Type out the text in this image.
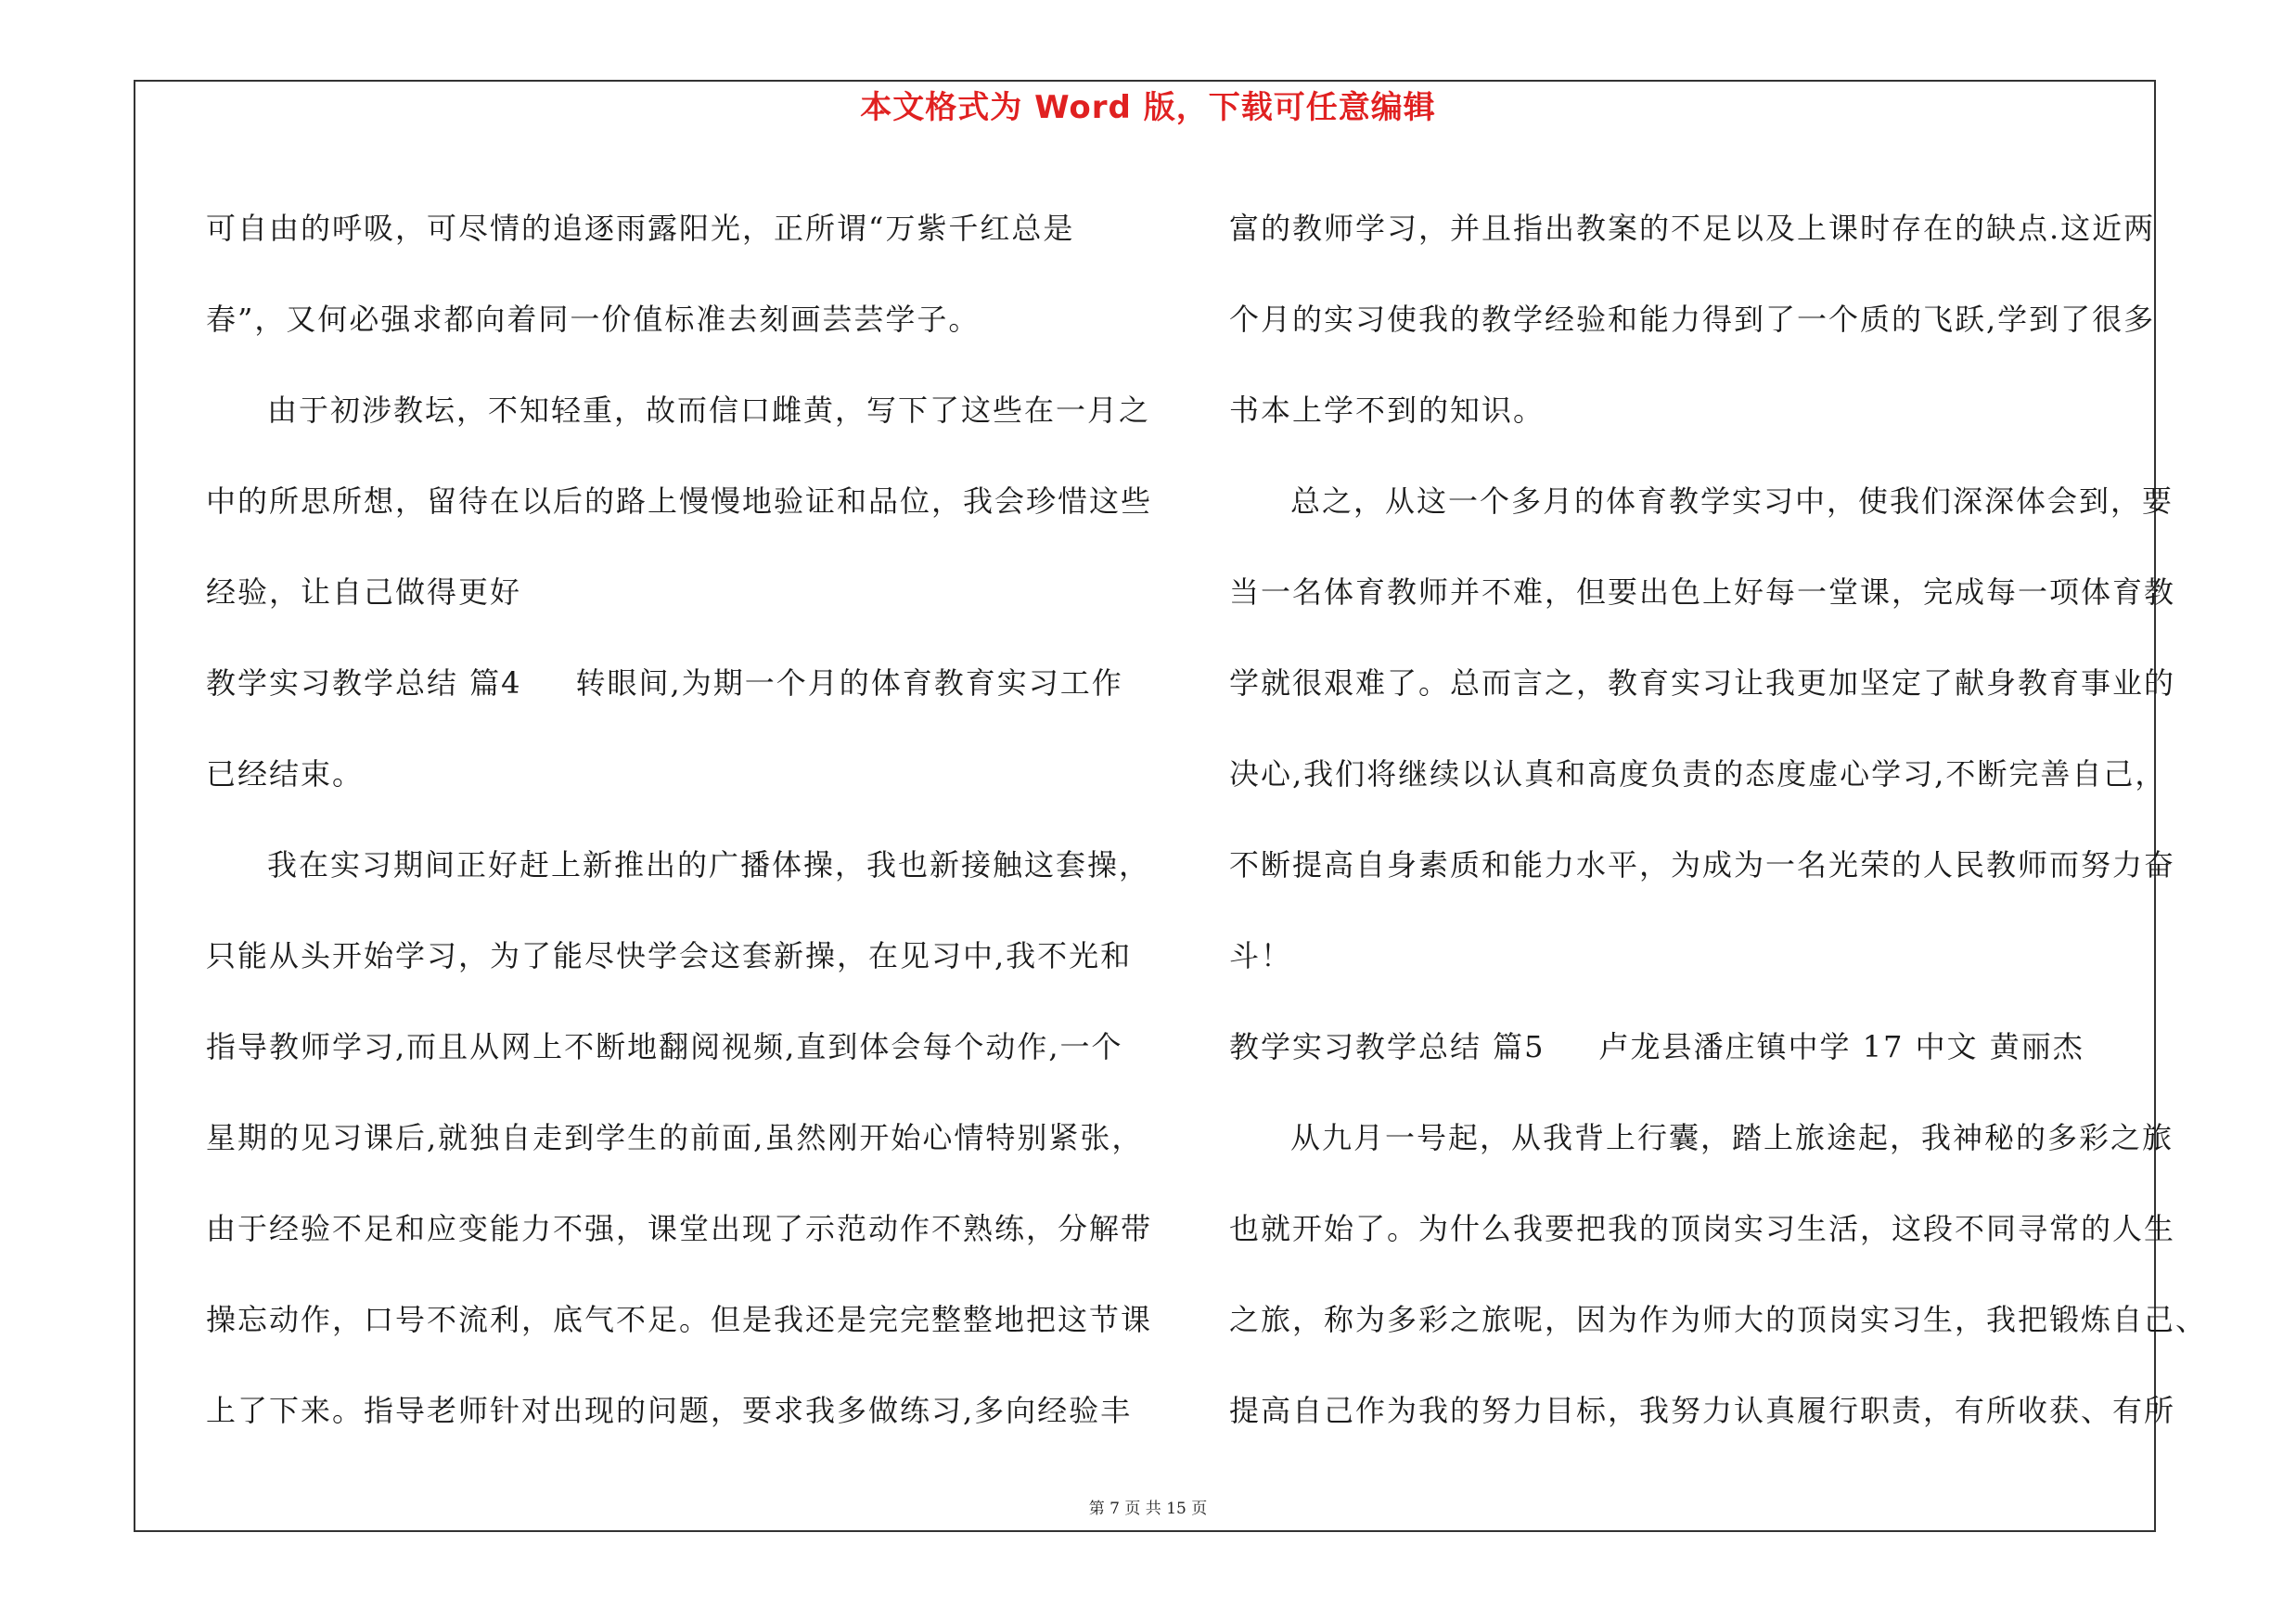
本文格式为 Word 版，下载可任意编辑
可自由的呼吸，可尽情的追逐雨露阳光，正所谓“万紫千红总是
春”，又何必强求都向着同一价值标准去刻画芸芸学子。
由于初涉教坛，不知轻重，故而信口雌黄，写下了这些在一月之
中的所思所想，留待在以后的路上慢慢地验证和品位，我会珍惜这些
经验，让自己做得更好
教学实习教学总结 篇4 转眼间,为期一个月的体育教育实习工作
已经结束。
我在实习期间正好赶上新推出的广播体操，我也新接触这套操，
只能从头开始学习，为了能尽快学会这套新操，在见习中,我不光和
指导教师学习,而且从网上不断地翻阅视频,直到体会每个动作,一个
星期的见习课后,就独自走到学生的前面,虽然刚开始心情特别紧张，
由于经验不足和应变能力不强，课堂出现了示范动作不熟练，分解带
操忘动作，口号不流利，底气不足。但是我还是完完整整地把这节课
上了下来。指导老师针对出现的问题，要求我多做练习,多向经验丰
富的教师学习，并且指出教案的不足以及上课时存在的缺点.这近两
个月的实习使我的教学经验和能力得到了一个质的飞跃,学到了很多
书本上学不到的知识。
总之，从这一个多月的体育教学实习中，使我们深深体会到，要
当一名体育教师并不难，但要出色上好每一堂课，完成每一项体育教
学就很艰难了。总而言之，教育实习让我更加坚定了献身教育事业的
决心,我们将继续以认真和高度负责的态度虚心学习,不断完善自己，
不断提高自身素质和能力水平，为成为一名光荣的人民教师而努力奋
斗！
教学实习教学总结 篇5 卢龙县潘庄镇中学 17 中文 黄丽杰
从九月一号起，从我背上行囊，踏上旅途起，我神秘的多彩之旅
也就开始了。为什么我要把我的顶岗实习生活，这段不同寻常的人生
之旅，称为多彩之旅呢，因为作为师大的顶岗实习生，我把锻炼自己、
提高自己作为我的努力目标，我努力认真履行职责，有所收获、有所
第 7 页 共 15 页
